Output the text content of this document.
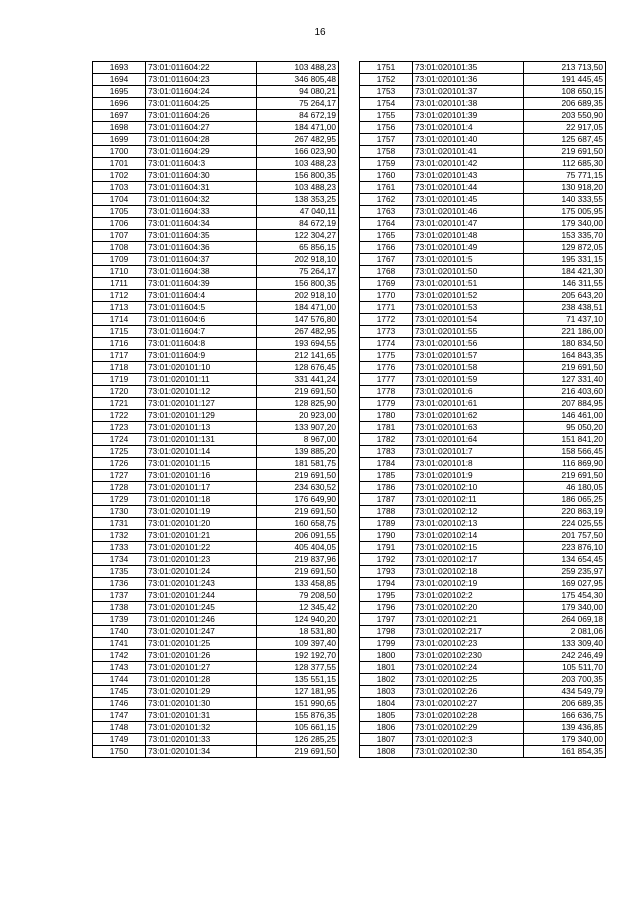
16
1693	73:01:011604:22	103 488,23
1694	73:01:011604:23	346 805,48
1695	73:01:011604:24	94 080,21
1696	73:01:011604:25	75 264,17
1697	73:01:011604:26	84 672,19
1698	73:01:011604:27	184 471,00
1699	73:01:011604:28	267 482,95
1700	73:01:011604:29	166 023,90
1701	73:01:011604:3	103 488,23
1702	73:01:011604:30	156 800,35
1703	73:01:011604:31	103 488,23
1704	73:01:011604:32	138 353,25
1705	73:01:011604:33	47 040,11
1706	73:01:011604:34	84 672,19
1707	73:01:011604:35	122 304,27
1708	73:01:011604:36	65 856,15
1709	73:01:011604:37	202 918,10
1710	73:01:011604:38	75 264,17
1711	73:01:011604:39	156 800,35
1712	73:01:011604:4	202 918,10
1713	73:01:011604:5	184 471,00
1714	73:01:011604:6	147 576,80
1715	73:01:011604:7	267 482,95
1716	73:01:011604:8	193 694,55
1717	73:01:011604:9	212 141,65
1718	73:01:020101:10	128 676,45
1719	73:01:020101:11	331 441,24
1720	73:01:020101:12	219 691,50
1721	73:01:020101:127	128 825,90
1722	73:01:020101:129	20 923,00
1723	73:01:020101:13	133 907,20
1724	73:01:020101:131	8 967,00
1725	73:01:020101:14	139 885,20
1726	73:01:020101:15	181 581,75
1727	73:01:020101:16	219 691,50
1728	73:01:020101:17	234 630,52
1729	73:01:020101:18	176 649,90
1730	73:01:020101:19	219 691,50
1731	73:01:020101:20	160 658,75
1732	73:01:020101:21	206 091,55
1733	73:01:020101:22	405 404,05
1734	73:01:020101:23	219 837,96
1735	73:01:020101:24	219 691,50
1736	73:01:020101:243	133 458,85
1737	73:01:020101:244	79 208,50
1738	73:01:020101:245	12 345,42
1739	73:01:020101:246	124 940,20
1740	73:01:020101:247	18 531,80
1741	73:01:020101:25	109 397,40
1742	73:01:020101:26	192 192,70
1743	73:01:020101:27	128 377,55
1744	73:01:020101:28	135 551,15
1745	73:01:020101:29	127 181,95
1746	73:01:020101:30	151 990,65
1747	73:01:020101:31	155 876,35
1748	73:01:020101:32	105 661,15
1749	73:01:020101:33	126 285,25
1750	73:01:020101:34	219 691,50
1751	73:01:020101:35	213 713,50
1752	73:01:020101:36	191 445,45
1753	73:01:020101:37	108 650,15
1754	73:01:020101:38	206 689,35
1755	73:01:020101:39	203 550,90
1756	73:01:020101:4	22 917,05
1757	73:01:020101:40	125 687,45
1758	73:01:020101:41	219 691,50
1759	73:01:020101:42	112 685,30
1760	73:01:020101:43	75 771,15
1761	73:01:020101:44	130 918,20
1762	73:01:020101:45	140 333,55
1763	73:01:020101:46	175 005,95
1764	73:01:020101:47	179 340,00
1765	73:01:020101:48	153 335,70
1766	73:01:020101:49	129 872,05
1767	73:01:020101:5	195 331,15
1768	73:01:020101:50	184 421,30
1769	73:01:020101:51	146 311,55
1770	73:01:020101:52	205 643,20
1771	73:01:020101:53	238 438,51
1772	73:01:020101:54	71 437,10
1773	73:01:020101:55	221 186,00
1774	73:01:020101:56	180 834,50
1775	73:01:020101:57	164 843,35
1776	73:01:020101:58	219 691,50
1777	73:01:020101:59	127 331,40
1778	73:01:020101:6	216 403,60
1779	73:01:020101:61	207 884,95
1780	73:01:020101:62	146 461,00
1781	73:01:020101:63	95 050,20
1782	73:01:020101:64	151 841,20
1783	73:01:020101:7	158 566,45
1784	73:01:020101:8	116 869,90
1785	73:01:020101:9	219 691,50
1786	73:01:020102:10	46 180,05
1787	73:01:020102:11	186 065,25
1788	73:01:020102:12	220 863,19
1789	73:01:020102:13	224 025,55
1790	73:01:020102:14	201 757,50
1791	73:01:020102:15	223 876,10
1792	73:01:020102:17	134 654,45
1793	73:01:020102:18	259 235,97
1794	73:01:020102:19	169 027,95
1795	73:01:020102:2	175 454,30
1796	73:01:020102:20	179 340,00
1797	73:01:020102:21	264 069,18
1798	73:01:020102:217	2 081,06
1799	73:01:020102:23	133 309,40
1800	73:01:020102:230	242 246,49
1801	73:01:020102:24	105 511,70
1802	73:01:020102:25	203 700,35
1803	73:01:020102:26	434 549,79
1804	73:01:020102:27	206 689,35
1805	73:01:020102:28	166 636,75
1806	73:01:020102:29	139 436,85
1807	73:01:020102:3	179 340,00
1808	73:01:020102:30	161 854,35
